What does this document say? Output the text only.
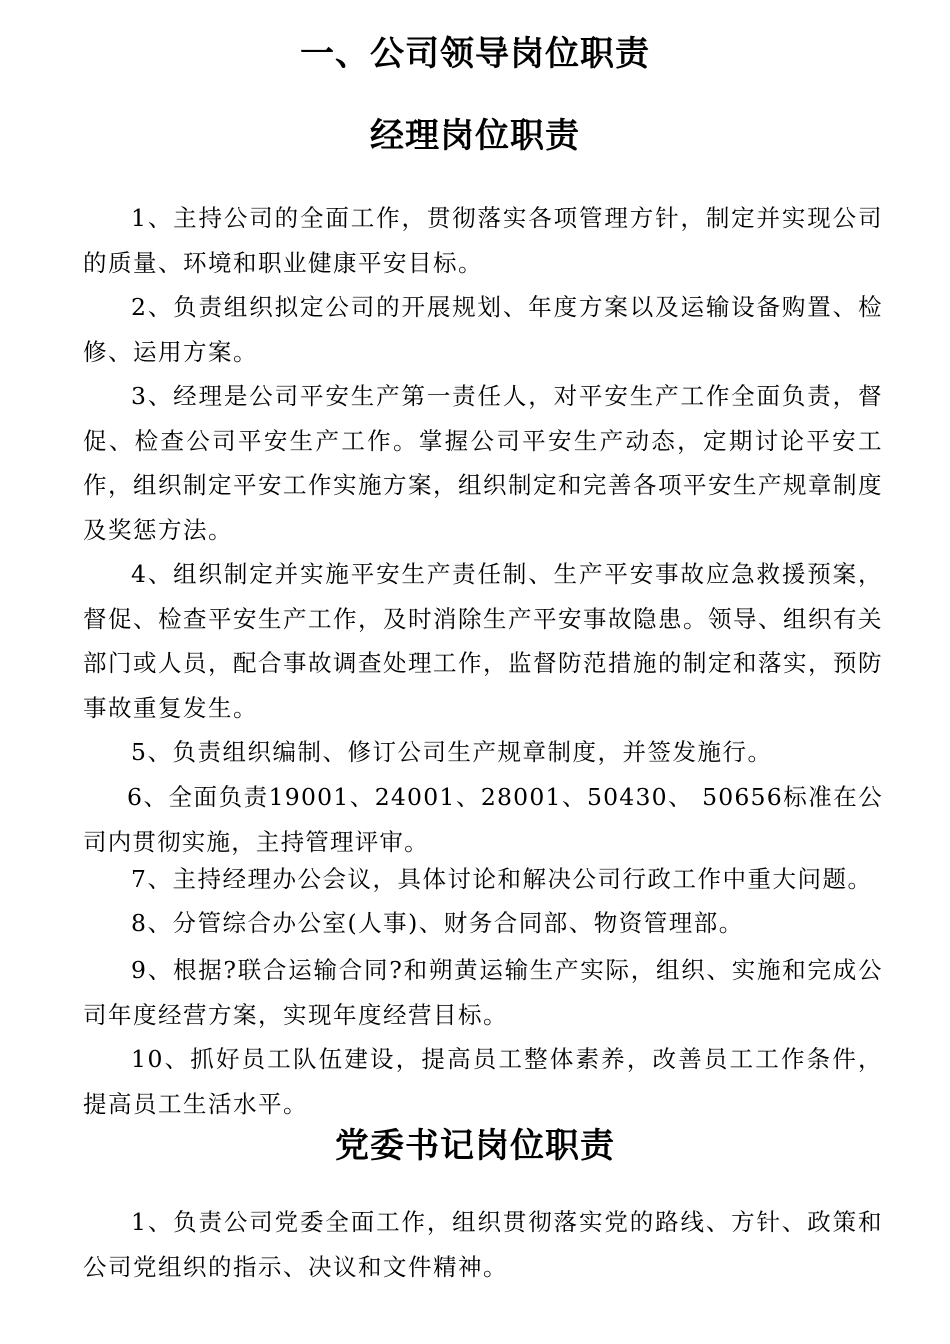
一、公司领导岗位职责
经理岗位职责
1、主持公司的全面工作，贯彻落实各项管理方针，制定并实现公司的质量、环境和职业健康平安目标。
2、负责组织拟定公司的开展规划、年度方案以及运输设备购置、检修、运用方案。
3、经理是公司平安生产第一责任人，对平安生产工作全面负责，督促、检查公司平安生产工作。掌握公司平安生产动态，定期讨论平安工作，组织制定平安工作实施方案，组织制定和完善各项平安生产规章制度及奖惩方法。
4、组织制定并实施平安生产责任制、生产平安事故应急救援预案，督促、检查平安生产工作，及时消除生产平安事故隐患。领导、组织有关部门或人员，配合事故调查处理工作，监督防范措施的制定和落实，预防事故重复发生。
5、负责组织编制、修订公司生产规章制度，并签发施行。
6、全面负责19001、24001、28001、50430、 50656标准在公司内贯彻实施，主持管理评审。
7、主持经理办公会议，具体讨论和解决公司行政工作中重大问题。
8、分管综合办公室(人事)、财务合同部、物资管理部。
9、根据?联合运输合同?和朔黄运输生产实际，组织、实施和完成公司年度经营方案，实现年度经营目标。
10、抓好员工队伍建设，提高员工整体素养，改善员工工作条件，提高员工生活水平。
党委书记岗位职责
1、负责公司党委全面工作，组织贯彻落实党的路线、方针、政策和公司党组织的指示、决议和文件精神。
